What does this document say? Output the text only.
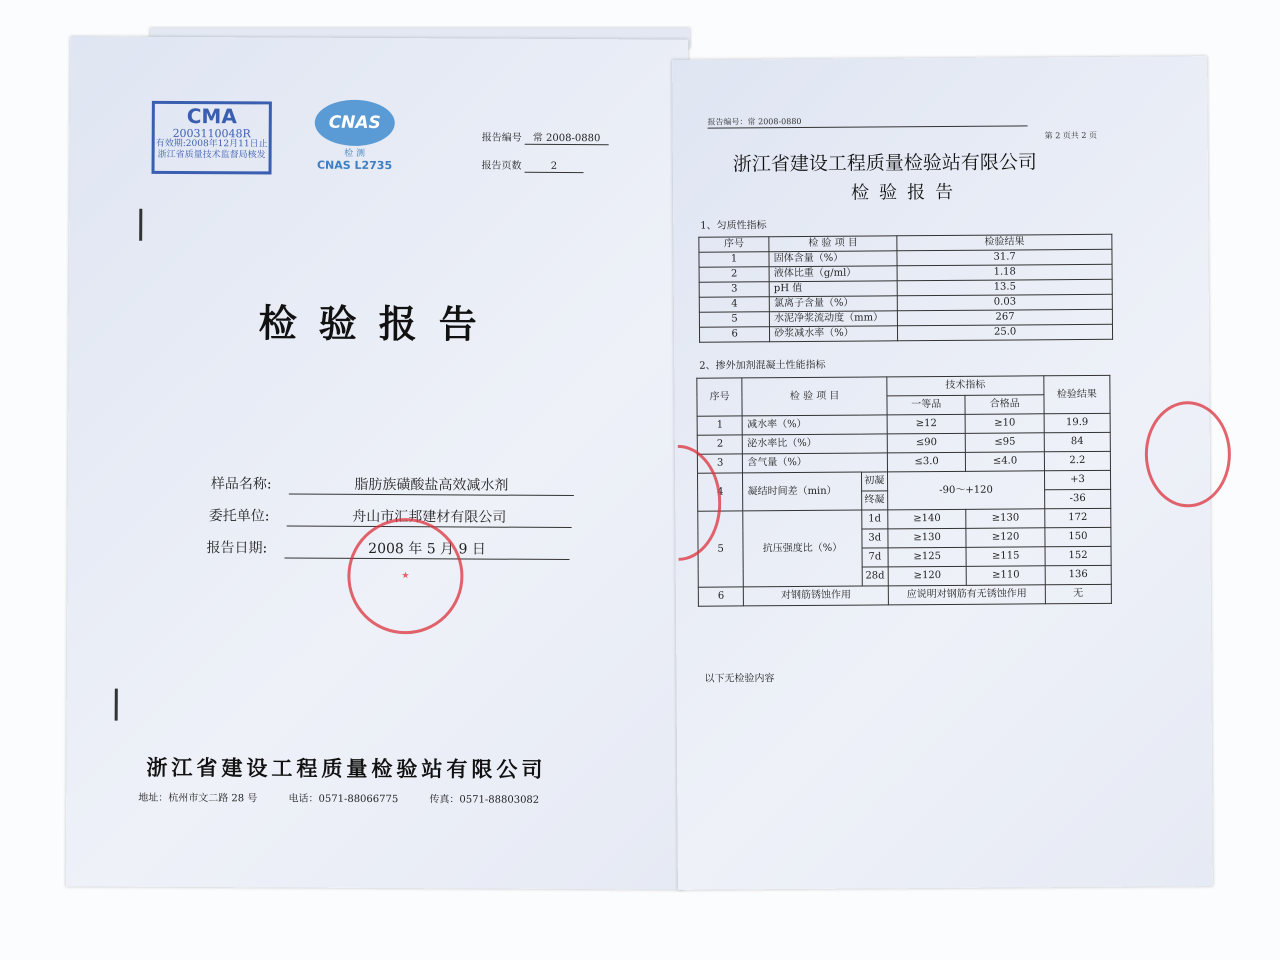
CMA
2003110048R
有效期:2008年12月11日止
浙江省质量技术监督局核发
CNAS
检 测
CNAS L2735
报告编号 常 2008-0880
报告页数	2
检验报告
样品名称:	脂肪族磺酸盐高效减水剂
委托单位:	舟山市汇邦建材有限公司
报告日期:	2008 年 5 月 9 日
★
浙江省建设工程质量检验站有限公司
地址：杭州市文二路 28 号	电话：0571-88066775	传真：0571-88803082
报告编号：常 2008-0880
第 2 页共 2 页
浙江省建设工程质量检验站有限公司
检验报告
1、匀质性指标
序号	检 验 项 目	检验结果
1	固体含量（%）	31.7
2	液体比重（g/ml）	1.18
3	pH 值	13.5
4	氯离子含量（%）	0.03
5	水泥净浆流动度（mm）	267
6	砂浆减水率（%）	25.0
2、掺外加剂混凝土性能指标
序号	检 验 项 目		技术指标		检验结果
			一等品	合格品	
1	减水率（%）		≥12	≥10	19.9
2	泌水率比（%）		≤90	≤95	84
3	含气量（%）		≤3.0	≤4.0	2.2
4	凝结时间差（min）	初凝	-90～+120		+3
		终凝			-36
5	抗压强度比（%）	1d	≥140	≥130	172
		3d	≥130	≥120	150
		7d	≥125	≥115	152
		28d	≥120	≥110	136
6	对钢筋锈蚀作用		应说明对钢筋有无锈蚀作用		无
以下无检验内容
